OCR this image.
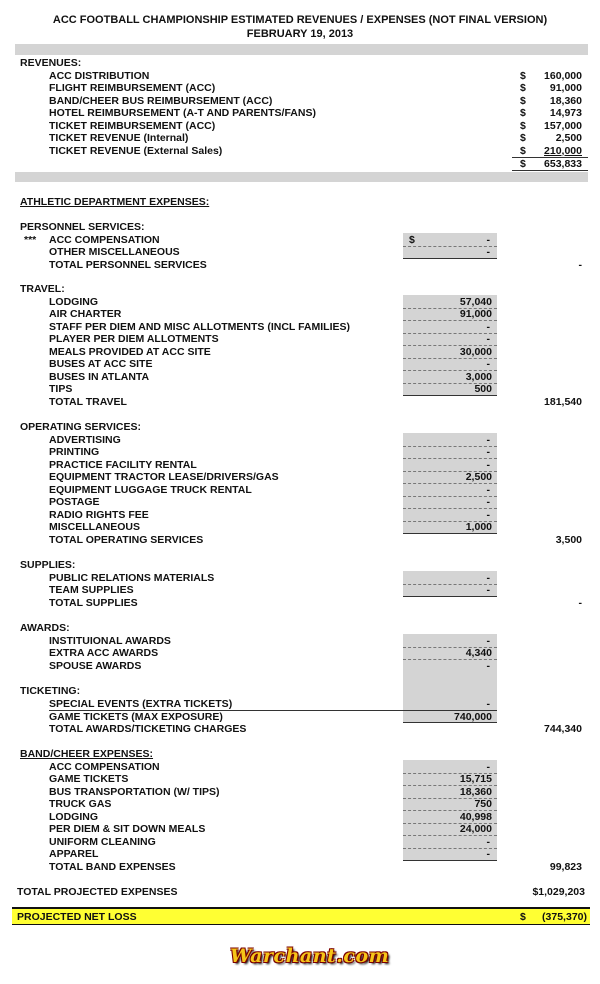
ACC FOOTBALL CHAMPIONSHIP ESTIMATED REVENUES / EXPENSES (NOT FINAL VERSION)
FEBRUARY 19, 2013
REVENUES:
ACC DISTRIBUTION	$ 160,000
FLIGHT REIMBURSEMENT (ACC)	$ 91,000
BAND/CHEER BUS REIMBURSEMENT (ACC)	$ 18,360
HOTEL REIMBURSEMENT (A-T AND PARENTS/FANS)	$ 14,973
TICKET REIMBURSEMENT (ACC)	$ 157,000
TICKET REVENUE (Internal)	$	2,500
TICKET REVENUE (External Sales)	$ 210,000
$ 653,833
ATHLETIC DEPARTMENT EXPENSES:
PERSONNEL SERVICES:
*** ACC COMPENSATION	$	-
OTHER MISCELLANEOUS	-
TOTAL PERSONNEL SERVICES	-
TRAVEL:
LODGING	57,040
AIR CHARTER	91,000
STAFF PER DIEM AND MISC ALLOTMENTS (INCL FAMILIES)	-
PLAYER PER DIEM ALLOTMENTS	-
MEALS PROVIDED AT ACC SITE	30,000
BUSES AT ACC SITE	-
BUSES IN ATLANTA	3,000
TIPS	500
TOTAL TRAVEL	181,540
OPERATING SERVICES:
ADVERTISING	-
PRINTING	-
PRACTICE FACILITY RENTAL	-
EQUIPMENT TRACTOR LEASE/DRIVERS/GAS	2,500
EQUIPMENT LUGGAGE TRUCK RENTAL	-
POSTAGE	-
RADIO RIGHTS FEE	-
MISCELLANEOUS	1,000
TOTAL OPERATING SERVICES	3,500
SUPPLIES:
PUBLIC RELATIONS MATERIALS	-
TEAM SUPPLIES	-
TOTAL SUPPLIES	-
AWARDS:
INSTITUIONAL AWARDS	-
EXTRA ACC AWARDS	4,340
SPOUSE AWARDS	-
TICKETING:
SPECIAL EVENTS (EXTRA TICKETS)	-
GAME TICKETS (MAX EXPOSURE)	740,000
TOTAL AWARDS/TICKETING CHARGES	744,340
BAND/CHEER EXPENSES:
ACC COMPENSATION	-
GAME TICKETS	15,715
BUS TRANSPORTATION (W/ TIPS)	18,360
TRUCK GAS	750
LODGING	40,998
PER DIEM & SIT DOWN MEALS	24,000
UNIFORM CLEANING	-
APPAREL	-
TOTAL BAND EXPENSES	99,823
TOTAL PROJECTED EXPENSES	$1,029,203
PROJECTED NET LOSS	$ (375,370)
Warchant.com
